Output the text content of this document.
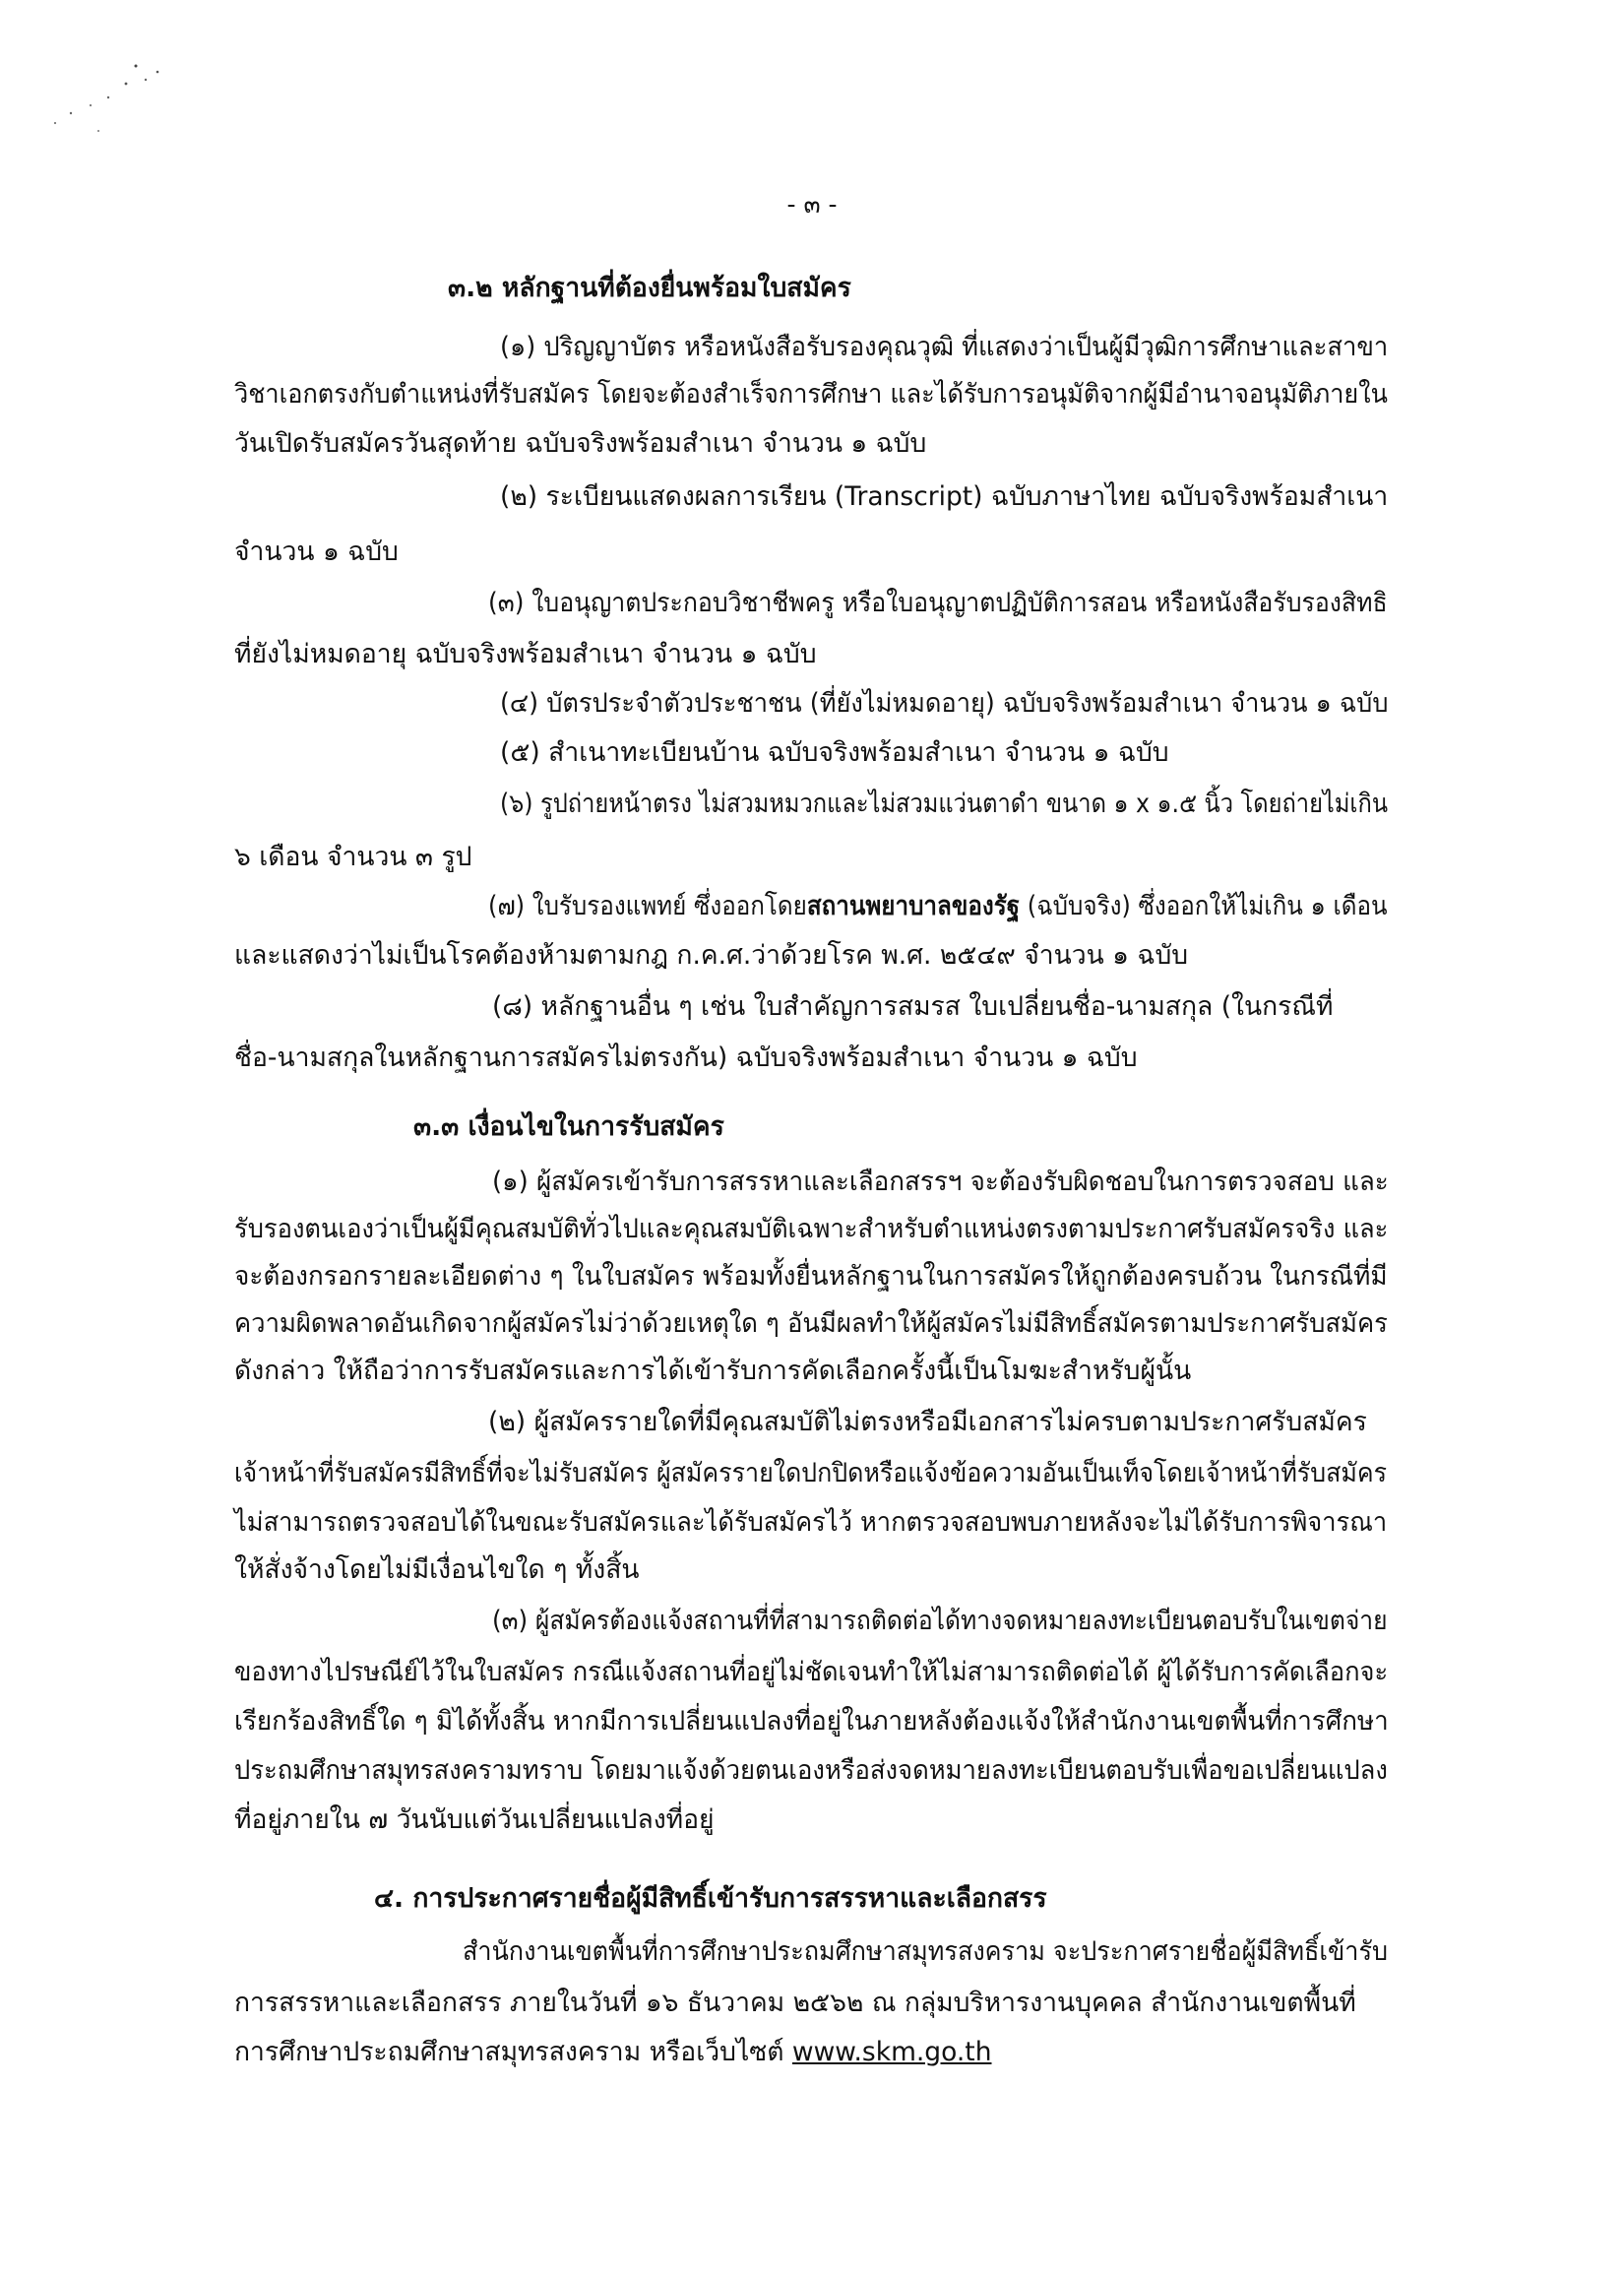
- ๓ -
๓.๒ หลักฐานที่ต้องยื่นพร้อมใบสมัคร
(๑) ปริญญาบัตร หรือหนังสือรับรองคุณวุฒิ ที่แสดงว่าเป็นผู้มีวุฒิการศึกษาและสาขา
วิชาเอกตรงกับตำแหน่งที่รับสมัคร โดยจะต้องสำเร็จการศึกษา และได้รับการอนุมัติจากผู้มีอำนาจอนุมัติภายใน
วันเปิดรับสมัครวันสุดท้าย ฉบับจริงพร้อมสำเนา จำนวน ๑ ฉบับ
(๒) ระเบียนแสดงผลการเรียน (Transcript) ฉบับภาษาไทย ฉบับจริงพร้อมสำเนา
จำนวน ๑ ฉบับ
(๓) ใบอนุญาตประกอบวิชาชีพครู หรือใบอนุญาตปฏิบัติการสอน หรือหนังสือรับรองสิทธิ
ที่ยังไม่หมดอายุ ฉบับจริงพร้อมสำเนา จำนวน ๑ ฉบับ
(๔) บัตรประจำตัวประชาชน (ที่ยังไม่หมดอายุ) ฉบับจริงพร้อมสำเนา จำนวน ๑ ฉบับ
(๕) สำเนาทะเบียนบ้าน ฉบับจริงพร้อมสำเนา จำนวน ๑ ฉบับ
(๖) รูปถ่ายหน้าตรง ไม่สวมหมวกและไม่สวมแว่นตาดำ ขนาด ๑ x ๑.๕ นิ้ว โดยถ่ายไม่เกิน
๖ เดือน จำนวน ๓ รูป
(๗) ใบรับรองแพทย์ ซึ่งออกโดยสถานพยาบาลของรัฐ (ฉบับจริง) ซึ่งออกให้ไม่เกิน ๑ เดือน
และแสดงว่าไม่เป็นโรคต้องห้ามตามกฎ ก.ค.ศ.ว่าด้วยโรค พ.ศ. ๒๕๔๙ จำนวน ๑ ฉบับ
(๘) หลักฐานอื่น ๆ เช่น ใบสำคัญการสมรส ใบเปลี่ยนชื่อ-นามสกุล (ในกรณีที่
ชื่อ-นามสกุลในหลักฐานการสมัครไม่ตรงกัน) ฉบับจริงพร้อมสำเนา จำนวน ๑ ฉบับ
๓.๓ เงื่อนไขในการรับสมัคร
(๑) ผู้สมัครเข้ารับการสรรหาและเลือกสรรฯ จะต้องรับผิดชอบในการตรวจสอบ และ
รับรองตนเองว่าเป็นผู้มีคุณสมบัติทั่วไปและคุณสมบัติเฉพาะสำหรับตำแหน่งตรงตามประกาศรับสมัครจริง และ
จะต้องกรอกรายละเอียดต่าง ๆ ในใบสมัคร พร้อมทั้งยื่นหลักฐานในการสมัครให้ถูกต้องครบถ้วน ในกรณีที่มี
ความผิดพลาดอันเกิดจากผู้สมัครไม่ว่าด้วยเหตุใด ๆ อันมีผลทำให้ผู้สมัครไม่มีสิทธิ์สมัครตามประกาศรับสมัคร
ดังกล่าว ให้ถือว่าการรับสมัครและการได้เข้ารับการคัดเลือกครั้งนี้เป็นโมฆะสำหรับผู้นั้น
(๒) ผู้สมัครรายใดที่มีคุณสมบัติไม่ตรงหรือมีเอกสารไม่ครบตามประกาศรับสมัคร
เจ้าหน้าที่รับสมัครมีสิทธิ์ที่จะไม่รับสมัคร ผู้สมัครรายใดปกปิดหรือแจ้งข้อความอันเป็นเท็จโดยเจ้าหน้าที่รับสมัคร
ไม่สามารถตรวจสอบได้ในขณะรับสมัครและได้รับสมัครไว้ หากตรวจสอบพบภายหลังจะไม่ได้รับการพิจารณา
ให้สั่งจ้างโดยไม่มีเงื่อนไขใด ๆ ทั้งสิ้น
(๓) ผู้สมัครต้องแจ้งสถานที่ที่สามารถติดต่อได้ทางจดหมายลงทะเบียนตอบรับในเขตจ่าย
ของทางไปรษณีย์ไว้ในใบสมัคร กรณีแจ้งสถานที่อยู่ไม่ชัดเจนทำให้ไม่สามารถติดต่อได้ ผู้ได้รับการคัดเลือกจะ
เรียกร้องสิทธิ์ใด ๆ มิได้ทั้งสิ้น หากมีการเปลี่ยนแปลงที่อยู่ในภายหลังต้องแจ้งให้สำนักงานเขตพื้นที่การศึกษา
ประถมศึกษาสมุทรสงครามทราบ โดยมาแจ้งด้วยตนเองหรือส่งจดหมายลงทะเบียนตอบรับเพื่อขอเปลี่ยนแปลง
ที่อยู่ภายใน ๗ วันนับแต่วันเปลี่ยนแปลงที่อยู่
๔. การประกาศรายชื่อผู้มีสิทธิ์เข้ารับการสรรหาและเลือกสรร
สำนักงานเขตพื้นที่การศึกษาประถมศึกษาสมุทรสงคราม จะประกาศรายชื่อผู้มีสิทธิ์เข้ารับ
การสรรหาและเลือกสรร ภายในวันที่ ๑๖ ธันวาคม ๒๕๖๒ ณ กลุ่มบริหารงานบุคคล สำนักงานเขตพื้นที่
การศึกษาประถมศึกษาสมุทรสงคราม หรือเว็บไซต์ www.skm.go.th
